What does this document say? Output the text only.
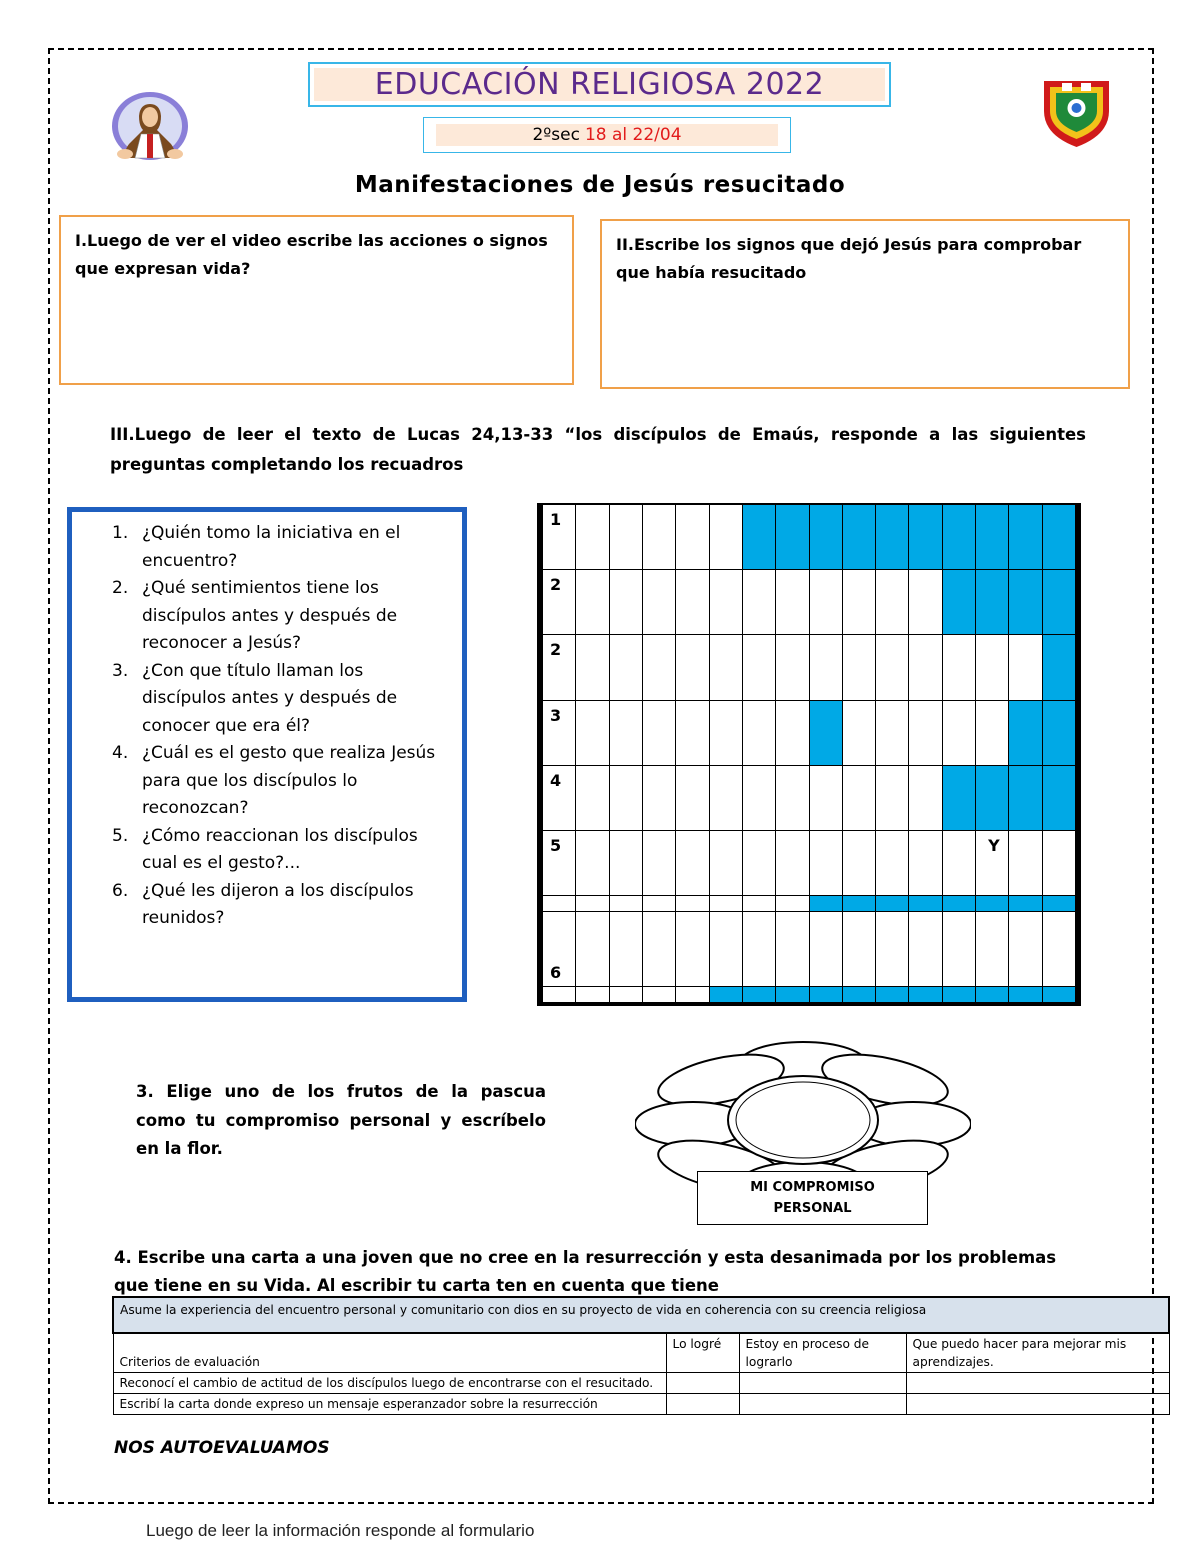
EDUCACIÓN RELIGIOSA 2022
2ºsec 18 al 22/04
Manifestaciones de Jesús resucitado
I.Luego de ver el video escribe las acciones o signos que expresan vida?
II.Escribe los signos que dejó Jesús para comprobar que había resucitado
III.Luego de leer el texto de Lucas 24,13-33 “los discípulos de Emaús, responde a las siguientes preguntas completando los recuadros
1. ¿Quién tomo la iniciativa en el encuentro?
2. ¿Qué sentimientos tiene los discípulos antes y después de reconocer a Jesús?
3. ¿Con que título llaman los discípulos antes y después de conocer que era él?
4. ¿Cuál es el gesto que realiza Jesús para que los discípulos lo reconozcan?
5. ¿Cómo reaccionan los discípulos cual es el gesto?...
6. ¿Qué les dijeron a los discípulos reunidos?
1															
2															
2															
3															
4															
5													Y		

6															

3. Elige uno de los frutos de la pascua como tu compromiso personal y escríbelo en la flor.
MI COMPROMISO
PERSONAL
4. Escribe una carta a una joven que no cree en la resurrección y esta desanimada por los problemas que tiene en su Vida. Al escribir tu carta ten en cuenta que tiene
Asume la experiencia del encuentro personal y comunitario con dios en su proyecto de vida en coherencia con su creencia religiosa			
Criterios de evaluación	Lo logré	Estoy en proceso de lograrlo	Que puedo hacer para mejorar mis aprendizajes.
Reconocí el cambio de actitud de los discípulos luego de encontrarse con el resucitado.			
Escribí la carta donde expreso un mensaje esperanzador sobre la resurrección			
NOS AUTOEVALUAMOS
Luego de leer la información responde al formulario
